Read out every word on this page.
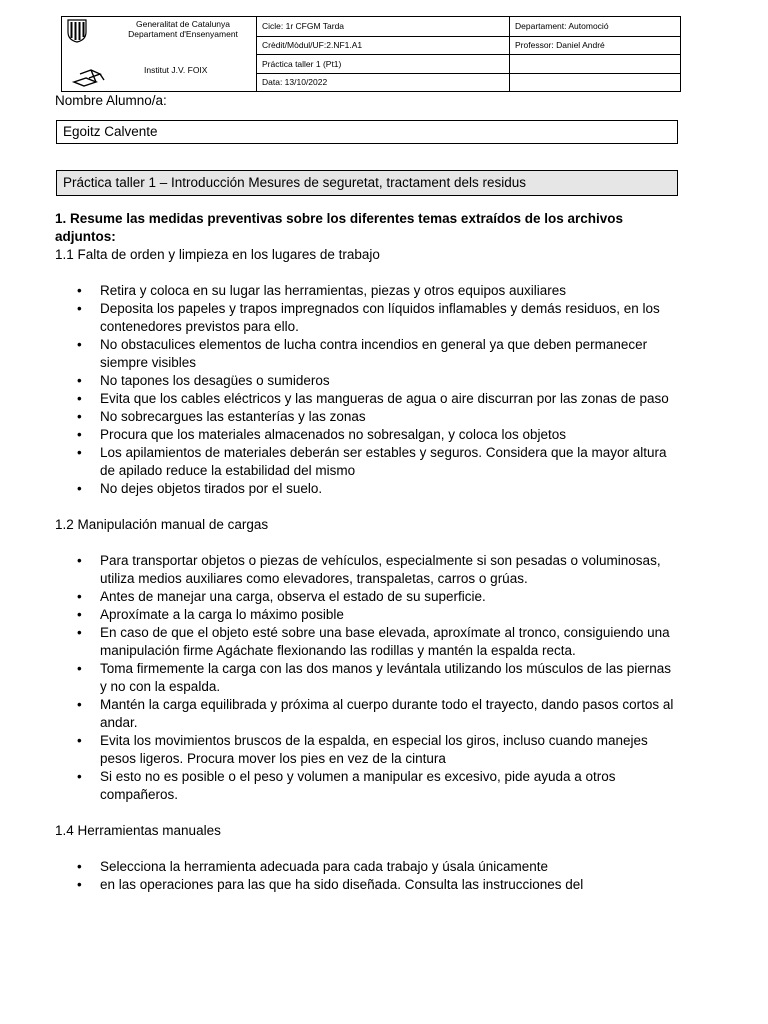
Generalitat de Catalunya
Departament d'Ensenyament
Institut J.V. FOIX
Cicle: 1r CFGM Tarda
Crèdit/Mòdul/UF:2.NF1.A1
Práctica taller 1 (Pt1)
Data: 13/10/2022
Departament: Automoció
Professor: Daniel André
Nombre Alumno/a:
Egoitz Calvente
Práctica taller 1 – Introducción Mesures de seguretat, tractament dels residus

1. Resume las medidas preventivas sobre los diferentes temas extraídos de los archivos adjuntos:

1.1 Falta de orden y limpieza en los lugares de trabajo

• Retira y coloca en su lugar las herramientas, piezas y otros equipos auxiliares
• Deposita los papeles y trapos impregnados con líquidos inflamables y demás residuos, en los contenedores previstos para ello.
• No obstaculices elementos de lucha contra incendios en general ya que deben permanecer siempre visibles
• No tapones los desagües o sumideros
• Evita que los cables eléctricos y las mangueras de agua o aire discurran por las zonas de paso
• No sobrecargues las estanterías y las zonas
• Procura que los materiales almacenados no sobresalgan, y coloca los objetos
• Los apilamientos de materiales deberán ser estables y seguros. Considera que la mayor altura de apilado reduce la estabilidad del mismo
• No dejes objetos tirados por el suelo.

1.2 Manipulación manual de cargas

• Para transportar objetos o piezas de vehículos, especialmente si son pesadas o voluminosas, utiliza medios auxiliares como elevadores, transpaletas, carros o grúas.
• Antes de manejar una carga, observa el estado de su superficie.
• Aproxímate a la carga lo máximo posible
• En caso de que el objeto esté sobre una base elevada, aproxímate al tronco, consiguiendo una manipulación firme Agáchate flexionando las rodillas y mantén la espalda recta.
• Toma firmemente la carga con las dos manos y levántala utilizando los músculos de las piernas y no con la espalda.
• Mantén la carga equilibrada y próxima al cuerpo durante todo el trayecto, dando pasos cortos al andar.
• Evita los movimientos bruscos de la espalda, en especial los giros, incluso cuando manejes pesos ligeros. Procura mover los pies en vez de la cintura
• Si esto no es posible o el peso y volumen a manipular es excesivo, pide ayuda a otros compañeros.

1.4 Herramientas manuales

• Selecciona la herramienta adecuada para cada trabajo y úsala únicamente
• en las operaciones para las que ha sido diseñada. Consulta las instrucciones del
